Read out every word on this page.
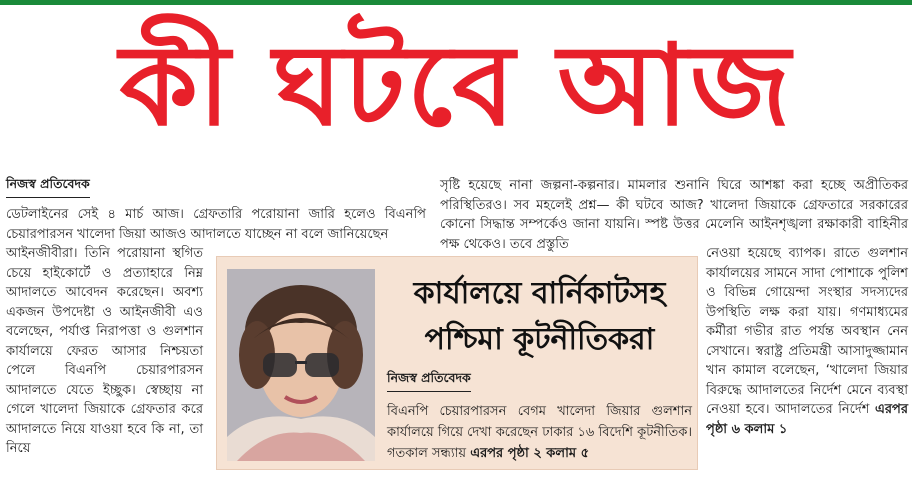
কী ঘটবে আজ
নিজস্ব প্রতিবেদক

ডেটলাইনের সেই ৪ মার্চ আজ। গ্রেফতারি পরোয়ানা জারি হলেও বিএনপি চেয়ারপারসন খালেদা জিয়া আজও আদালতে যাচ্ছেন না বলে জানিয়েছেন

আইনজীবীরা। তিনি পরোয়ানা স্থগিত চেয়ে হাইকোর্টে ও প্রত্যাহারে নিম্ন আদালতে আবেদন করেছেন। অবশ্য একজন উপদেষ্টা ও আইনজীবী এও বলেছেন, পর্যাপ্ত নিরাপত্তা ও গুলশান কার্যালয়ে ফেরত আসার নিশ্চয়তা পেলে বিএনপি চেয়ারপারসন আদালতে যেতে ইচ্ছুক। স্বেচ্ছায় না গেলে খালেদা জিয়াকে গ্রেফতার করে আদালতে নিয়ে যাওয়া হবে কি না, তা নিয়ে

সৃষ্টি হয়েছে নানা জল্পনা-কল্পনার। মামলার শুনানি ঘিরে আশঙ্কা করা হচ্ছে অপ্রীতিকর পরিস্থিতিরও। সব মহলেই প্রশ্ন— কী ঘটবে আজ? খালেদা জিয়াকে গ্রেফতারে সরকারের কোনো সিদ্ধান্ত সম্পর্কেও জানা যায়নি। স্পষ্ট উত্তর মেলেনি আইনশৃঙ্খলা রক্ষাকারী বাহিনীর পক্ষ থেকেও। তবে প্রস্তুতি

নেওয়া হয়েছে ব্যাপক। রাতে গুলশান কার্যালয়ের সামনে সাদা পোশাকে পুলিশ ও বিভিন্ন গোয়েন্দা সংস্থার সদস্যদের উপস্থিতি লক্ষ করা যায়। গণমাধ্যমের কর্মীরা গভীর রাত পর্যন্ত অবস্থান নেন সেখানে। স্বরাষ্ট্র প্রতিমন্ত্রী আসাদুজ্জামান খান কামাল বলেছেন, ‘খালেদা জিয়ার বিরুদ্ধে আদালতের নির্দেশ মেনে ব্যবস্থা নেওয়া হবে। আদালতের নির্দেশ এরপর পৃষ্ঠা ৬ কলাম ১

কার্যালয়ে বার্নিকাটসহ
পশ্চিমা কূটনীতিকরা
নিজস্ব প্রতিবেদক

বিএনপি চেয়ারপারসন বেগম খালেদা জিয়ার গুলশান কার্যালয়ে গিয়ে দেখা করেছেন ঢাকার ১৬ বিদেশি কূটনীতিক। গতকাল সন্ধ্যায় এরপর পৃষ্ঠা ২ কলাম ৫
